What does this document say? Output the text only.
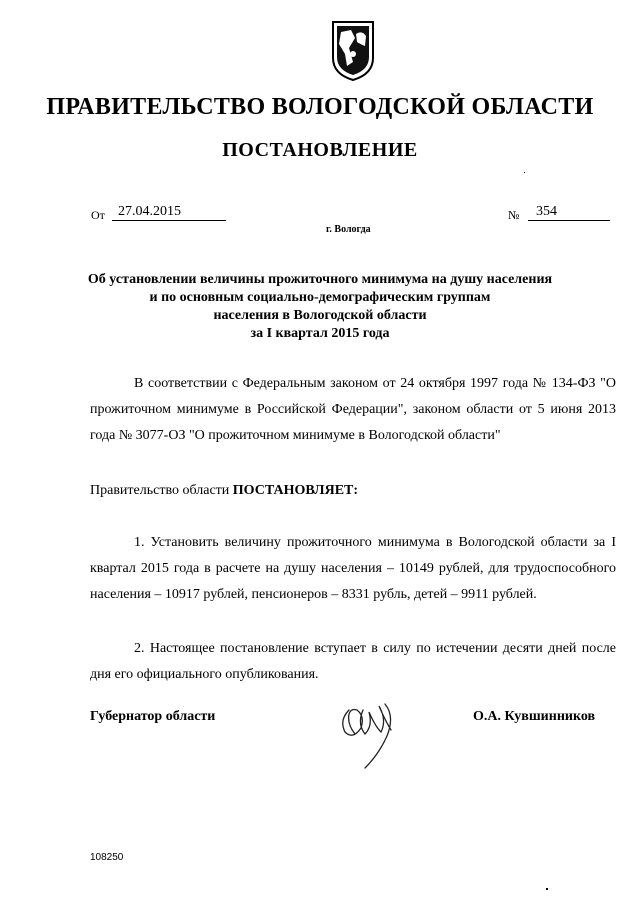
ПРАВИТЕЛЬСТВО ВОЛОГОДСКОЙ ОБЛАСТИ
ПОСТАНОВЛЕНИЕ
От 27.04.2015	№	354
г. Вологда
Об установлении величины прожиточного минимума на душу населения
и по основным социально-демографическим группам
населения в Вологодской области
за I квартал 2015 года
В соответствии с Федеральным законом от 24 октября 1997 года № 134-ФЗ "О прожиточном минимуме в Российской Федерации", законом области от 5 июня 2013 года № 3077-ОЗ "О прожиточном минимуме в Вологодской области"
Правительство области ПОСТАНОВЛЯЕТ:
1. Установить величину прожиточного минимума в Вологодской области за I квартал 2015 года в расчете на душу населения – 10149 рублей, для трудоспособного населения – 10917 рублей, пенсионеров – 8331 рубль, детей – 9911 рублей.
2. Настоящее постановление вступает в силу по истечении десяти дней после дня его официального опубликования.
Губернатор области	О.А. Кувшинников
108250
